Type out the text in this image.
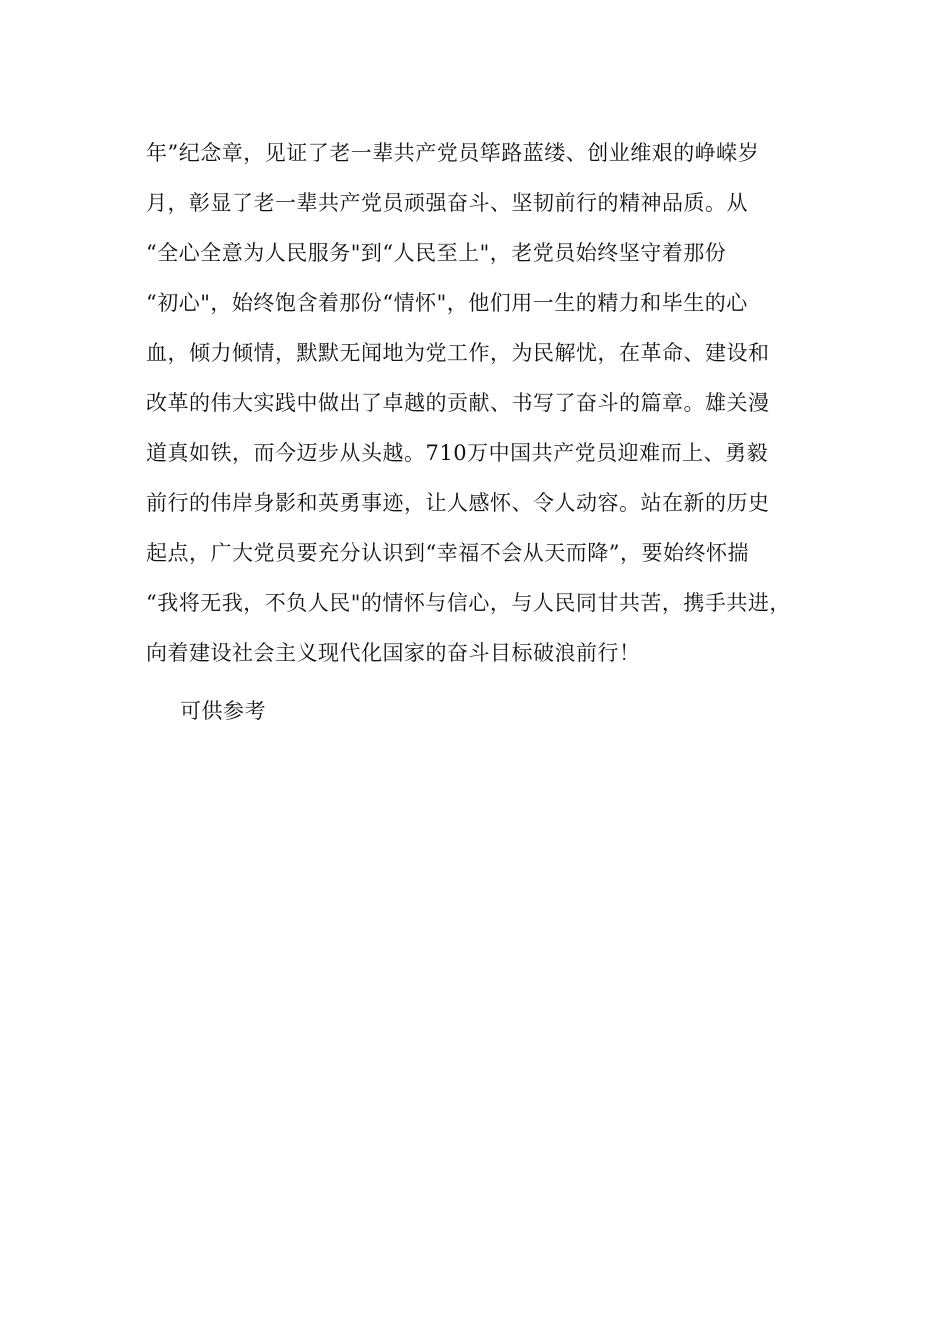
年”纪念章，见证了老一辈共产党员筚路蓝缕、创业维艰的峥嵘岁
月，彰显了老一辈共产党员顽强奋斗、坚韧前行的精神品质。从
“全心全意为人民服务"到“人民至上"，老党员始终坚守着那份
“初心"，始终饱含着那份“情怀"，他们用一生的精力和毕生的心
血，倾力倾情，默默无闻地为党工作，为民解忧，在革命、建设和
改革的伟大实践中做出了卓越的贡献、书写了奋斗的篇章。雄关漫
道真如铁，而今迈步从头越。710万中国共产党员迎难而上、勇毅
前行的伟岸身影和英勇事迹，让人感怀、令人动容。站在新的历史
起点，广大党员要充分认识到“幸福不会从天而降”，要始终怀揣
“我将无我，不负人民"的情怀与信心，与人民同甘共苦，携手共进，
向着建设社会主义现代化国家的奋斗目标破浪前行！
可供参考
